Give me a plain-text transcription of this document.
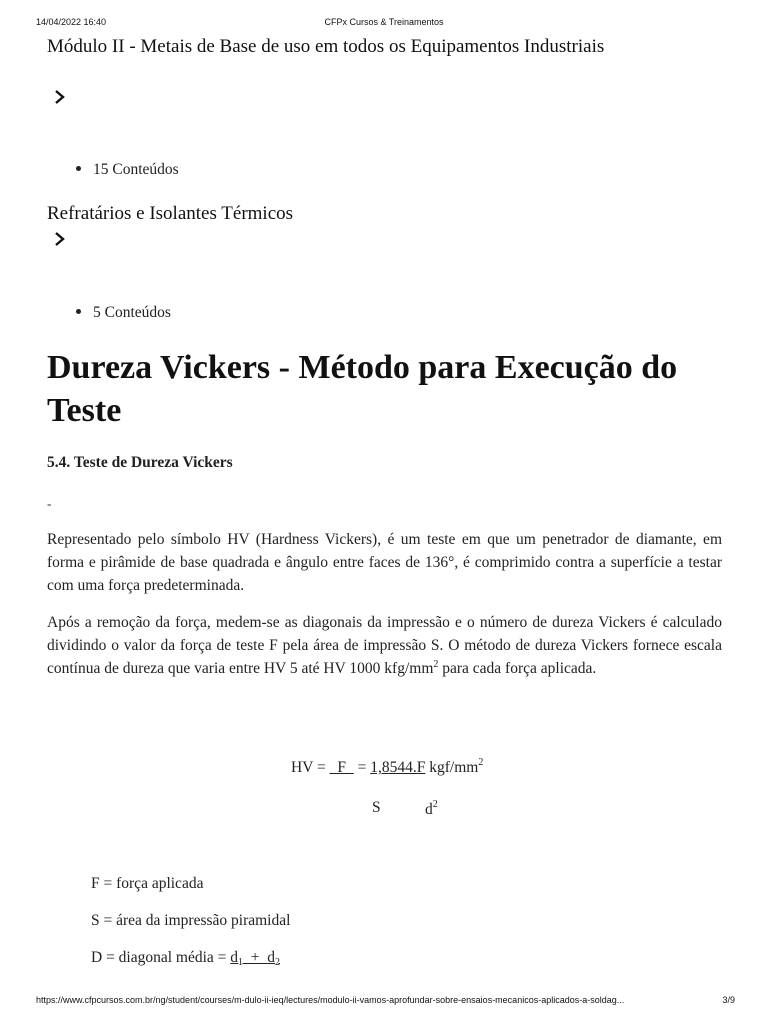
14/04/2022 16:40	CFPx Cursos & Treinamentos
Módulo II - Metais de Base de uso em todos os Equipamentos Industriais
15 Conteúdos
Refratários e Isolantes Térmicos
5 Conteúdos
Dureza Vickers - Método para Execução do Teste
5.4. Teste de Dureza Vickers
-
Representado pelo símbolo HV (Hardness Vickers), é um teste em que um penetrador de diamante, em forma e pirâmide de base quadrada e ângulo entre faces de 136°, é comprimido contra a superfície a testar com uma força predeterminada.
Após a remoção da força, medem-se as diagonais da impressão e o número de dureza Vickers é calculado dividindo o valor da força de teste F pela área de impressão S. O método de dureza Vickers fornece escala contínua de dureza que varia entre HV 5 até HV 1000 kfg/$mm^2$ para cada força aplicada.
HV =   F   = 1,8544.F kgf/$mm^2$
S	$d^2$
F = força aplicada
S = área da impressão piramidal
D = diagonal média = $d_1 + d_2$
https://www.cfpcursos.com.br/ng/student/courses/m-dulo-ii-ieq/lectures/modulo-ii-vamos-aprofundar-sobre-ensaios-mecanicos-aplicados-a-soldag...	3/9
